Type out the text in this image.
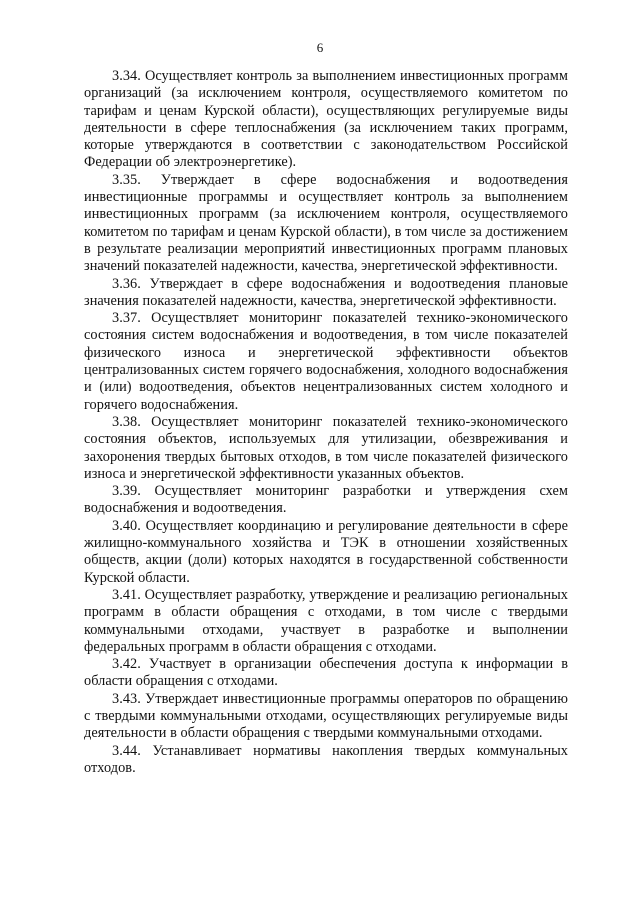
6

3.34. Осуществляет контроль за выполнением инвестиционных программ организаций (за исключением контроля, осуществляемого комитетом по тарифам и ценам Курской области), осуществляющих регулируемые виды деятельности в сфере теплоснабжения (за исключением таких программ, которые утверждаются в соответствии с законодательством Российской Федерации об электроэнергетике).

3.35. Утверждает в сфере водоснабжения и водоотведения инвестиционные программы и осуществляет контроль за выполнением инвестиционных программ (за исключением контроля, осуществляемого комитетом по тарифам и ценам Курской области), в том числе за достижением в результате реализации мероприятий инвестиционных программ плановых значений показателей надежности, качества, энергетической эффективности.

3.36. Утверждает в сфере водоснабжения и водоотведения плановые значения показателей надежности, качества, энергетической эффективности.

3.37. Осуществляет мониторинг показателей технико-экономического состояния систем водоснабжения и водоотведения, в том числе показателей физического износа и энергетической эффективности объектов централизованных систем горячего водоснабжения, холодного водоснабжения и (или) водоотведения, объектов нецентрализованных систем холодного и горячего водоснабжения.

3.38. Осуществляет мониторинг показателей технико-экономического состояния объектов, используемых для утилизации, обезвреживания и захоронения твердых бытовых отходов, в том числе показателей физического износа и энергетической эффективности указанных объектов.

3.39. Осуществляет мониторинг разработки и утверждения схем водоснабжения и водоотведения.

3.40. Осуществляет координацию и регулирование деятельности в сфере жилищно-коммунального хозяйства и ТЭК в отношении хозяйственных обществ, акции (доли) которых находятся в государственной собственности Курской области.

3.41. Осуществляет разработку, утверждение и реализацию региональных программ в области обращения с отходами, в том числе с твердыми коммунальными отходами, участвует в разработке и выполнении федеральных программ в области обращения с отходами.

3.42. Участвует в организации обеспечения доступа к информации в области обращения с отходами.

3.43. Утверждает инвестиционные программы операторов по обращению с твердыми коммунальными отходами, осуществляющих регулируемые виды деятельности в области обращения с твердыми коммунальными отходами.

3.44. Устанавливает нормативы накопления твердых коммунальных отходов.
